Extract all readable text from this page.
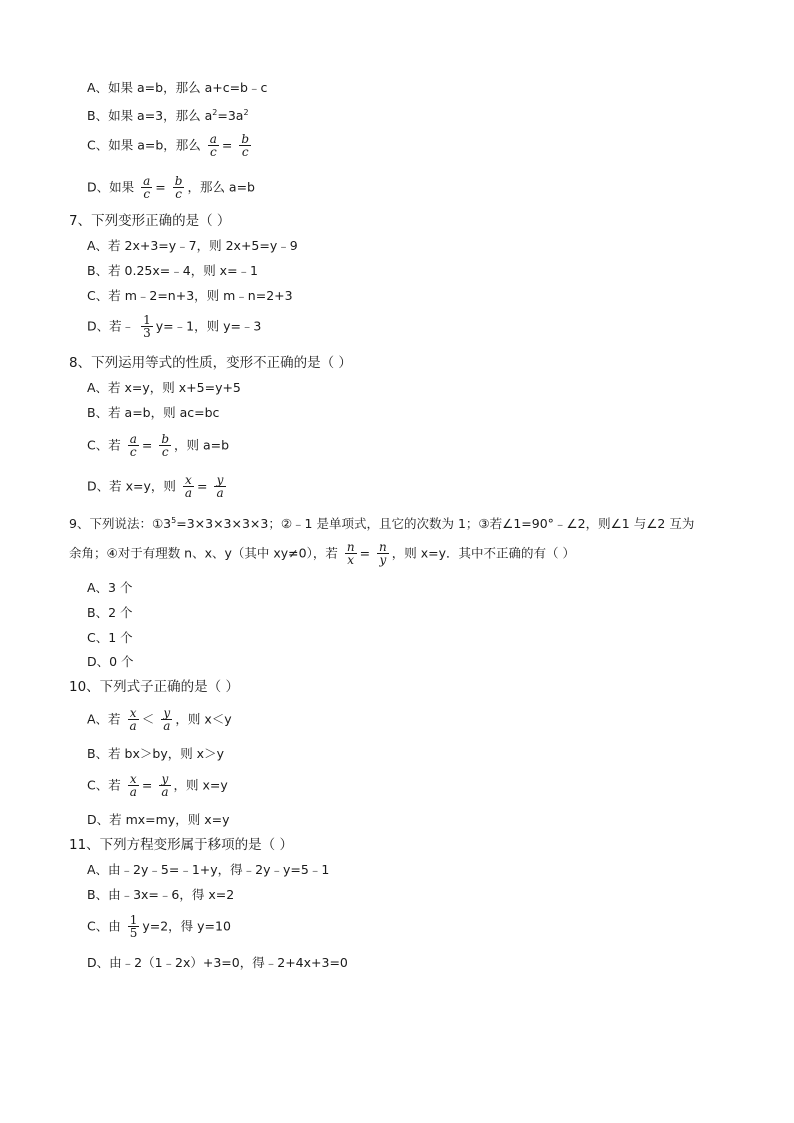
A、如果 a=b，那么 a+c=b﹣c
B、如果 a=3，那么 $a^2=3a^2$
C、如果 a=b，那么 $\frac{a}{c} = \frac{b}{c}$
D、如果 $\frac{a}{c} = \frac{b}{c}$ ，那么 a=b
7、下列变形正确的是（ ）
A、若 2x+3=y﹣7，则 2x+5=y﹣9
B、若 0.25x=﹣4，则 x=﹣1
C、若 m﹣2=n+3，则 m﹣n=2+3
D、若﹣ $\frac{1}{3}$ y=﹣1，则 y=﹣3
8、下列运用等式的性质，变形不正确的是（ ）
A、若 x=y，则 x+5=y+5
B、若 a=b，则 ac=bc
C、若 $\frac{a}{c} = \frac{b}{c}$ ，则 a=b
D、若 x=y，则 $\frac{x}{a} = \frac{y}{a}$
9、下列说法：$①3^5=3\times 3\times 3\times 3\times 3$；②﹣1 是单项式，且它的次数为 1；③若∠1=90°﹣∠2，则∠1 与∠2 互为
余角；④对于有理数 n、x、y（其中 xy≠0），若 $\frac{n}{x} = \frac{n}{y}$ ，则 x=y．其中不正确的有（ ）
A、3 个
B、2 个
C、1 个
D、0 个
10、下列式子正确的是（ ）
A、若 $\frac{x}{a} < \frac{y}{a}$ ，则 x＜y
B、若 bx＞by，则 x＞y
C、若 $\frac{x}{a} = \frac{y}{a}$ ，则 x=y
D、若 mx=my，则 x=y
11、下列方程变形属于移项的是（ ）
A、由﹣2y﹣5=﹣1+y，得﹣2y﹣y=5﹣1
B、由﹣3x=﹣6，得 x=2
C、由 $\frac{1}{5} y=2$，得 y=10
D、由﹣2（1﹣2x）+3=0，得﹣2+4x+3=0
